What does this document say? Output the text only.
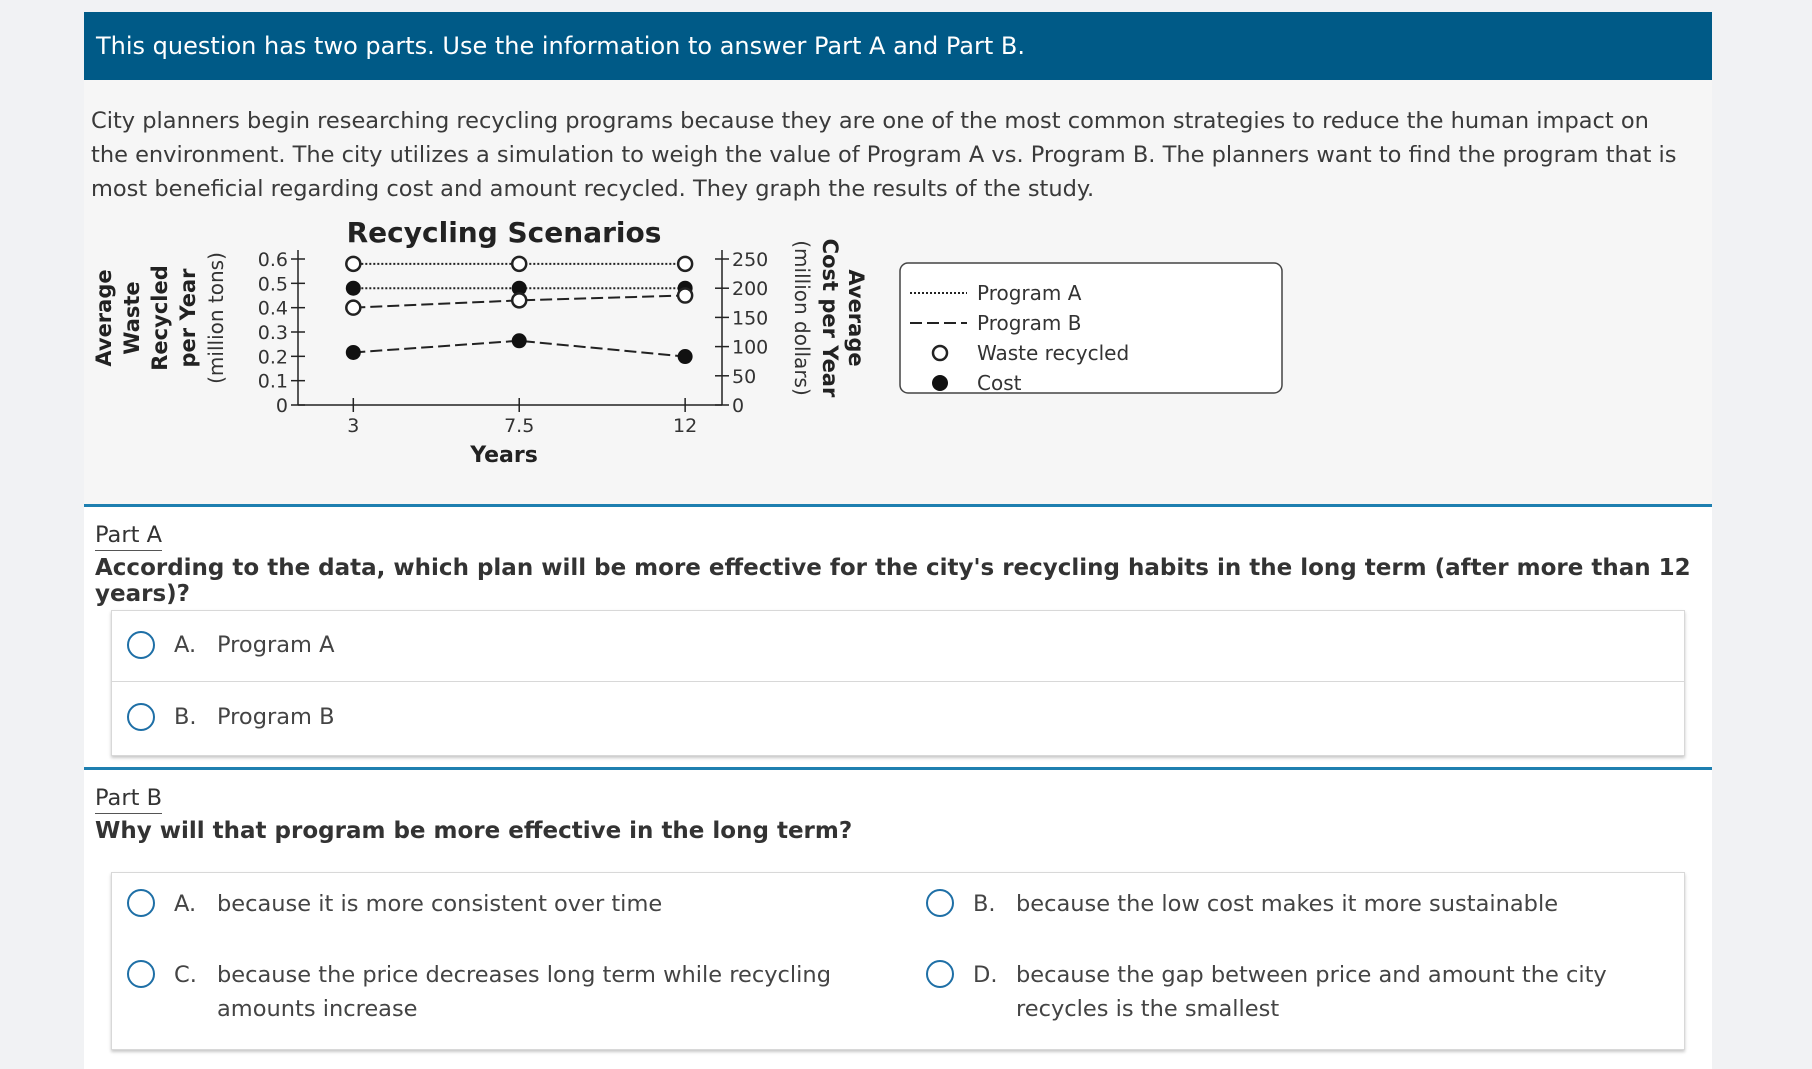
This question has two parts. Use the information to answer Part A and Part B.

City planners begin researching recycling programs because they are one of the most common strategies to reduce the human impact on the environment. The city utilizes a simulation to weigh the value of Program A vs. Program B. The planners want to find the program that is most beneficial regarding cost and amount recycled. They graph the results of the study.

Average Waste Recycled per Year (million tons)
Recycling Scenarios
0
0.1
0.2
0.3
0.4
0.5
0.6
0
50
100
150
200
250
3	7.5	12
Years
Average
Cost per Year
(million dollars)	Program A
Program B
Waste recycled
Cost
Part A
According to the data, which plan will be more effective for the city's recycling habits in the long term (after more than 12 years)?
A. Program A
B. Program B
Part B
Why will that program be more effective in the long term?
A. because it is more consistent over time	B. because the low cost makes it more sustainable
C. because the price decreases long term while recycling amounts increase
D. because the gap between price and amount the city recycles is the smallest
